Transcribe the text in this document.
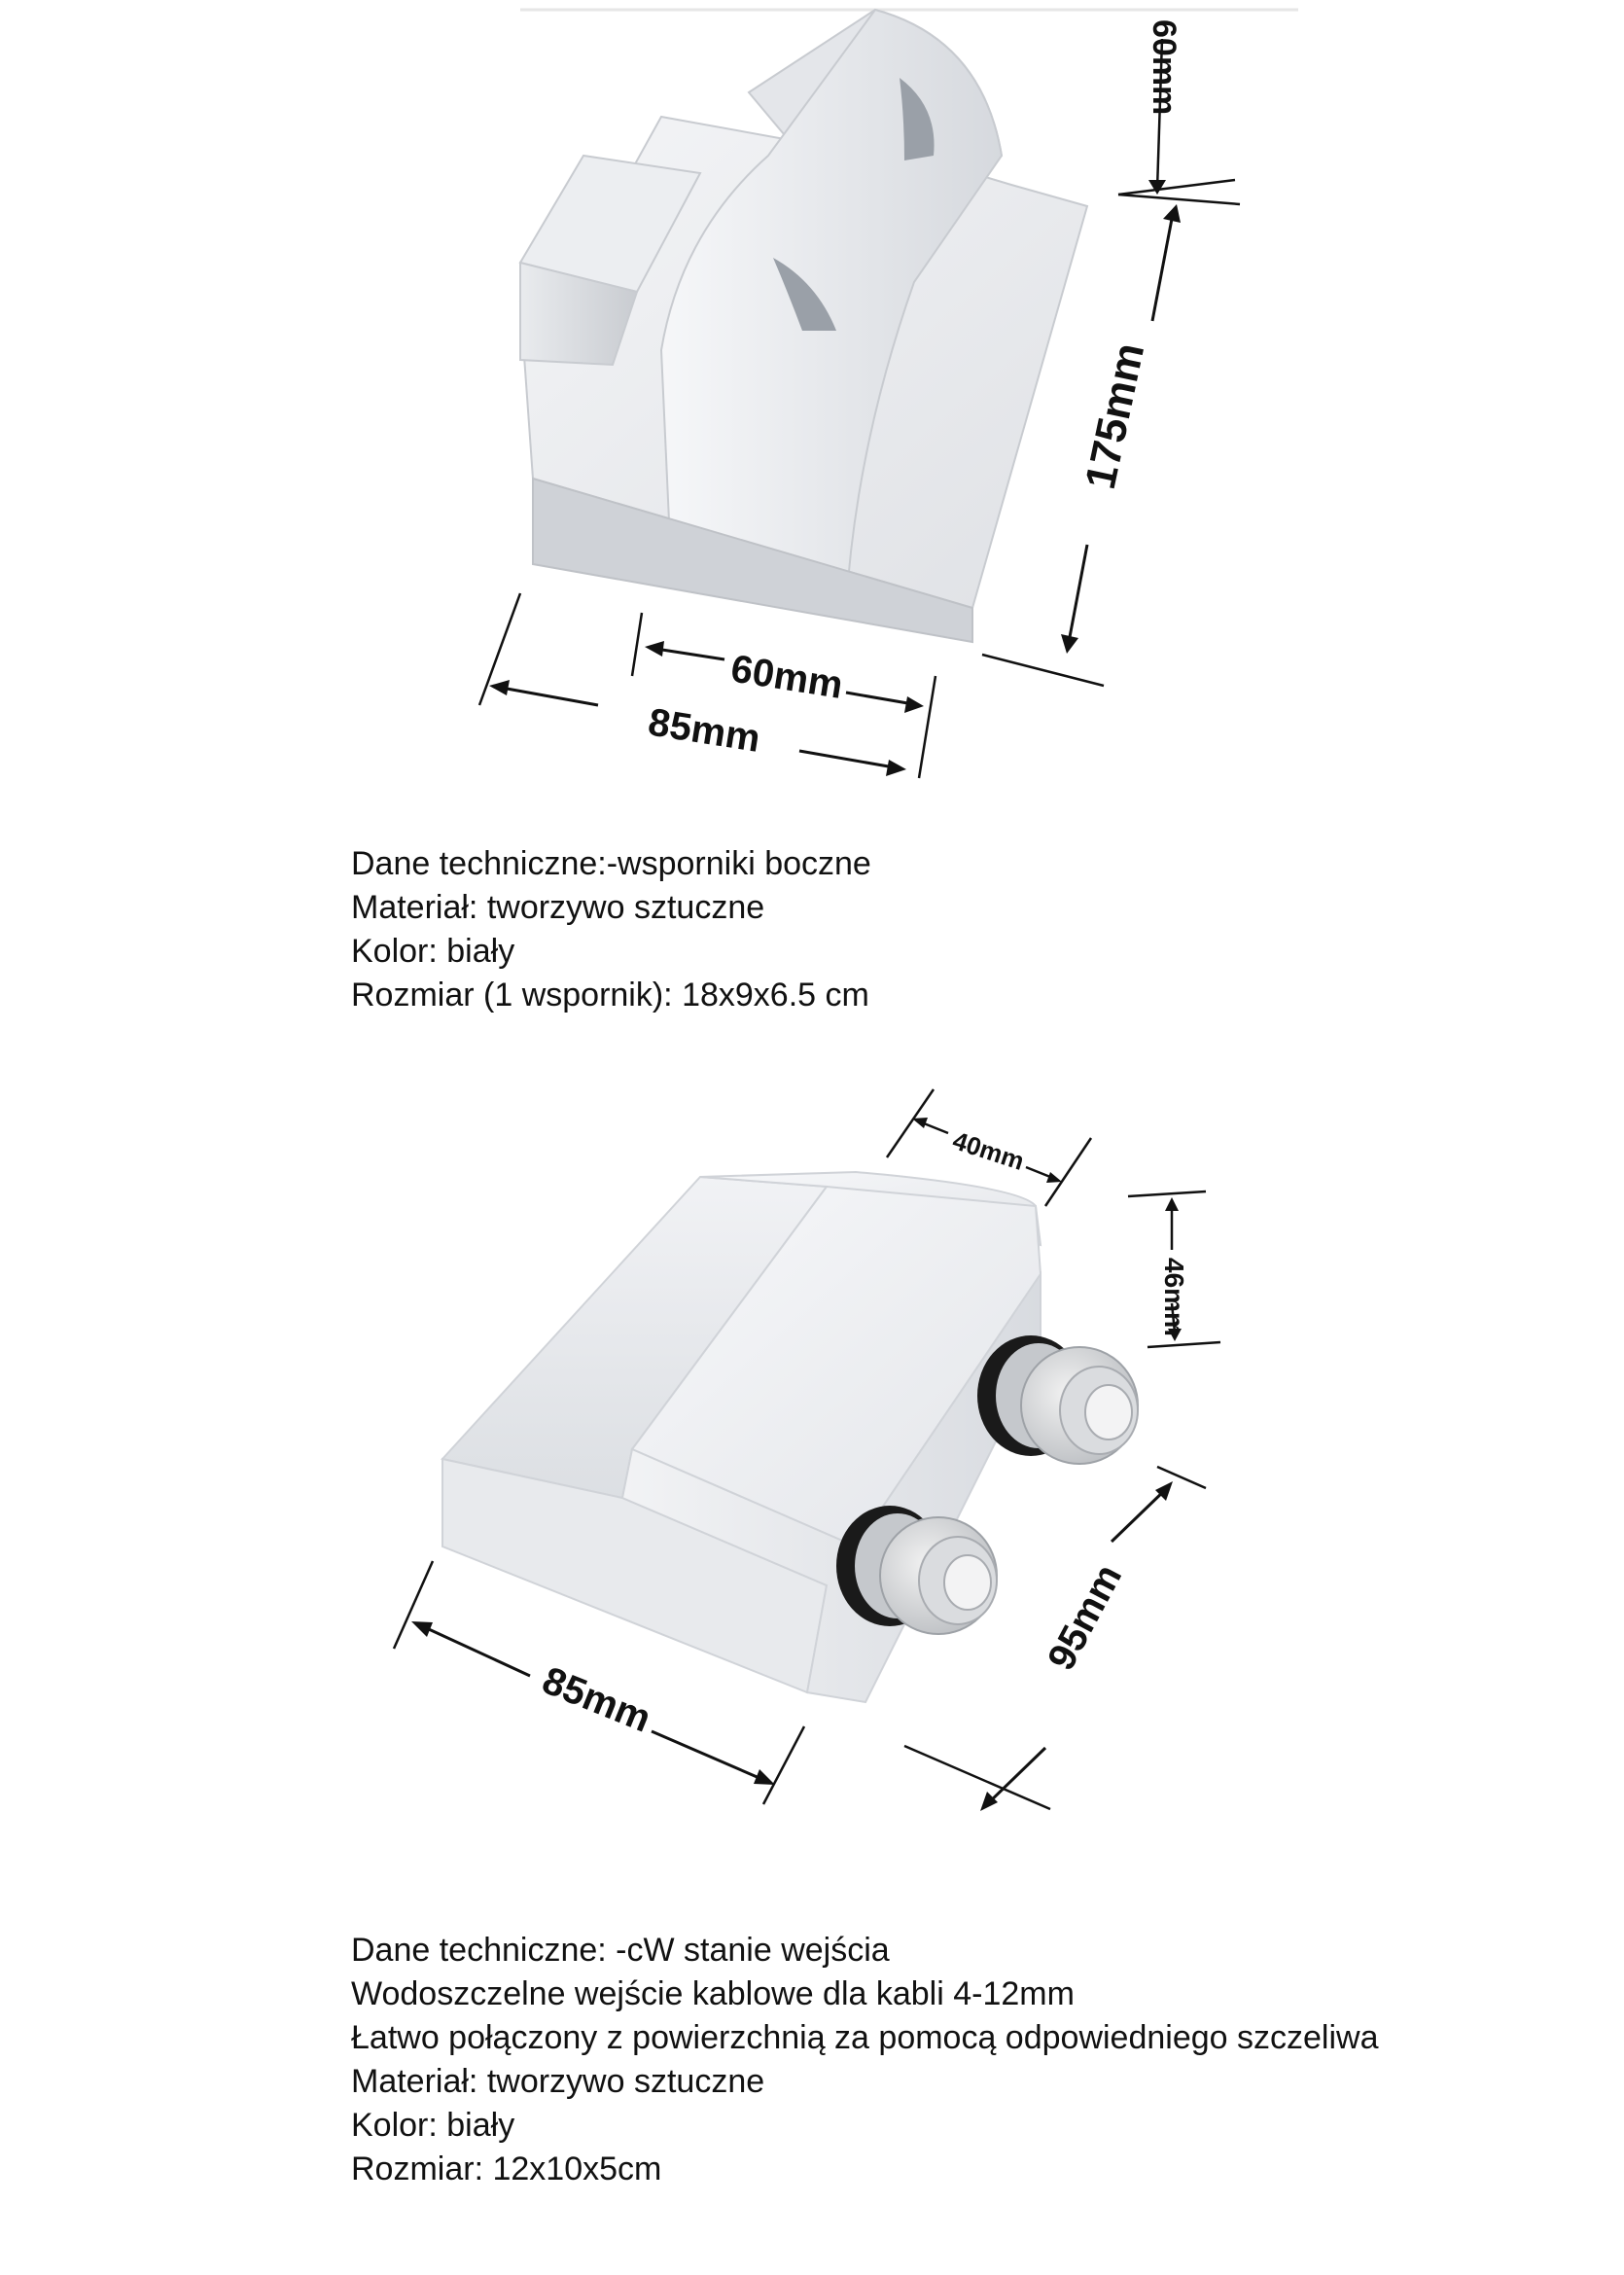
60mm
175mm
60mm
85mm
Dane techniczne:-wsporniki boczne
Materiał: tworzywo sztuczne
Kolor: biały
Rozmiar (1 wspornik): 18x9x6.5 cm
40mm
46mm
95mm
85mm
Dane techniczne: -cW stanie wejścia
Wodoszczelne wejście kablowe dla kabli 4-12mm
Łatwo połączony z powierzchnią za pomocą odpowiedniego szczeliwa
Materiał: tworzywo sztuczne
Kolor: biały
Rozmiar: 12x10x5cm
